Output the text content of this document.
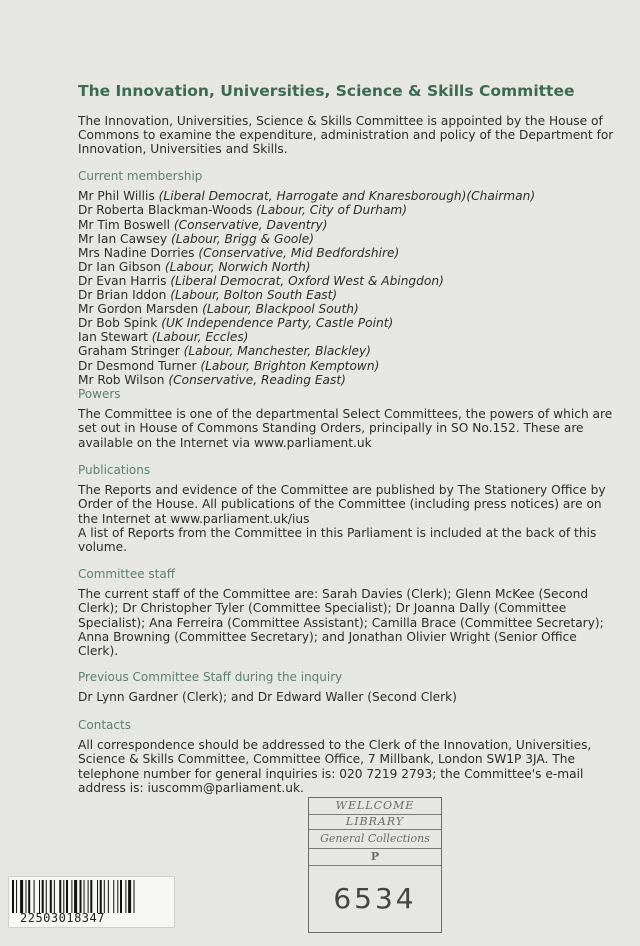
The Innovation, Universities, Science & Skills Committee

The Innovation, Universities, Science & Skills Committee is appointed by the House of Commons to examine the expenditure, administration and policy of the Department for Innovation, Universities and Skills.

Current membership
Mr Phil Willis (Liberal Democrat, Harrogate and Knaresborough)(Chairman)
Dr Roberta Blackman-Woods (Labour, City of Durham)
Mr Tim Boswell (Conservative, Daventry)
Mr Ian Cawsey (Labour, Brigg & Goole)
Mrs Nadine Dorries (Conservative, Mid Bedfordshire)
Dr Ian Gibson (Labour, Norwich North)
Dr Evan Harris (Liberal Democrat, Oxford West & Abingdon)
Dr Brian Iddon (Labour, Bolton South East)
Mr Gordon Marsden (Labour, Blackpool South)
Dr Bob Spink (UK Independence Party, Castle Point)
Ian Stewart (Labour, Eccles)
Graham Stringer (Labour, Manchester, Blackley)
Dr Desmond Turner (Labour, Brighton Kemptown)
Mr Rob Wilson (Conservative, Reading East)
Powers

The Committee is one of the departmental Select Committees, the powers of which are set out in House of Commons Standing Orders, principally in SO No.152. These are available on the Internet via www.parliament.uk

Publications

The Reports and evidence of the Committee are published by The Stationery Office by Order of the House. All publications of the Committee (including press notices) are on the Internet at www.parliament.uk/ius

A list of Reports from the Committee in this Parliament is included at the back of this volume.

Committee staff

The current staff of the Committee are: Sarah Davies (Clerk); Glenn McKee (Second Clerk); Dr Christopher Tyler (Committee Specialist); Dr Joanna Dally (Committee Specialist); Ana Ferreira (Committee Assistant); Camilla Brace (Committee Secretary); Anna Browning (Committee Secretary); and Jonathan Olivier Wright (Senior Office Clerk).

Previous Committee Staff during the inquiry

Dr Lynn Gardner (Clerk); and Dr Edward Waller (Second Clerk)

Contacts

All correspondence should be addressed to the Clerk of the Innovation, Universities, Science & Skills Committee, Committee Office, 7 Millbank, London SW1P 3JA. The telephone number for general inquiries is: 020 7219 2793; the Committee's e-mail address is: iuscomm@parliament.uk.

WELLCOME
LIBRARY
General Collections
P
6534
22503018347
